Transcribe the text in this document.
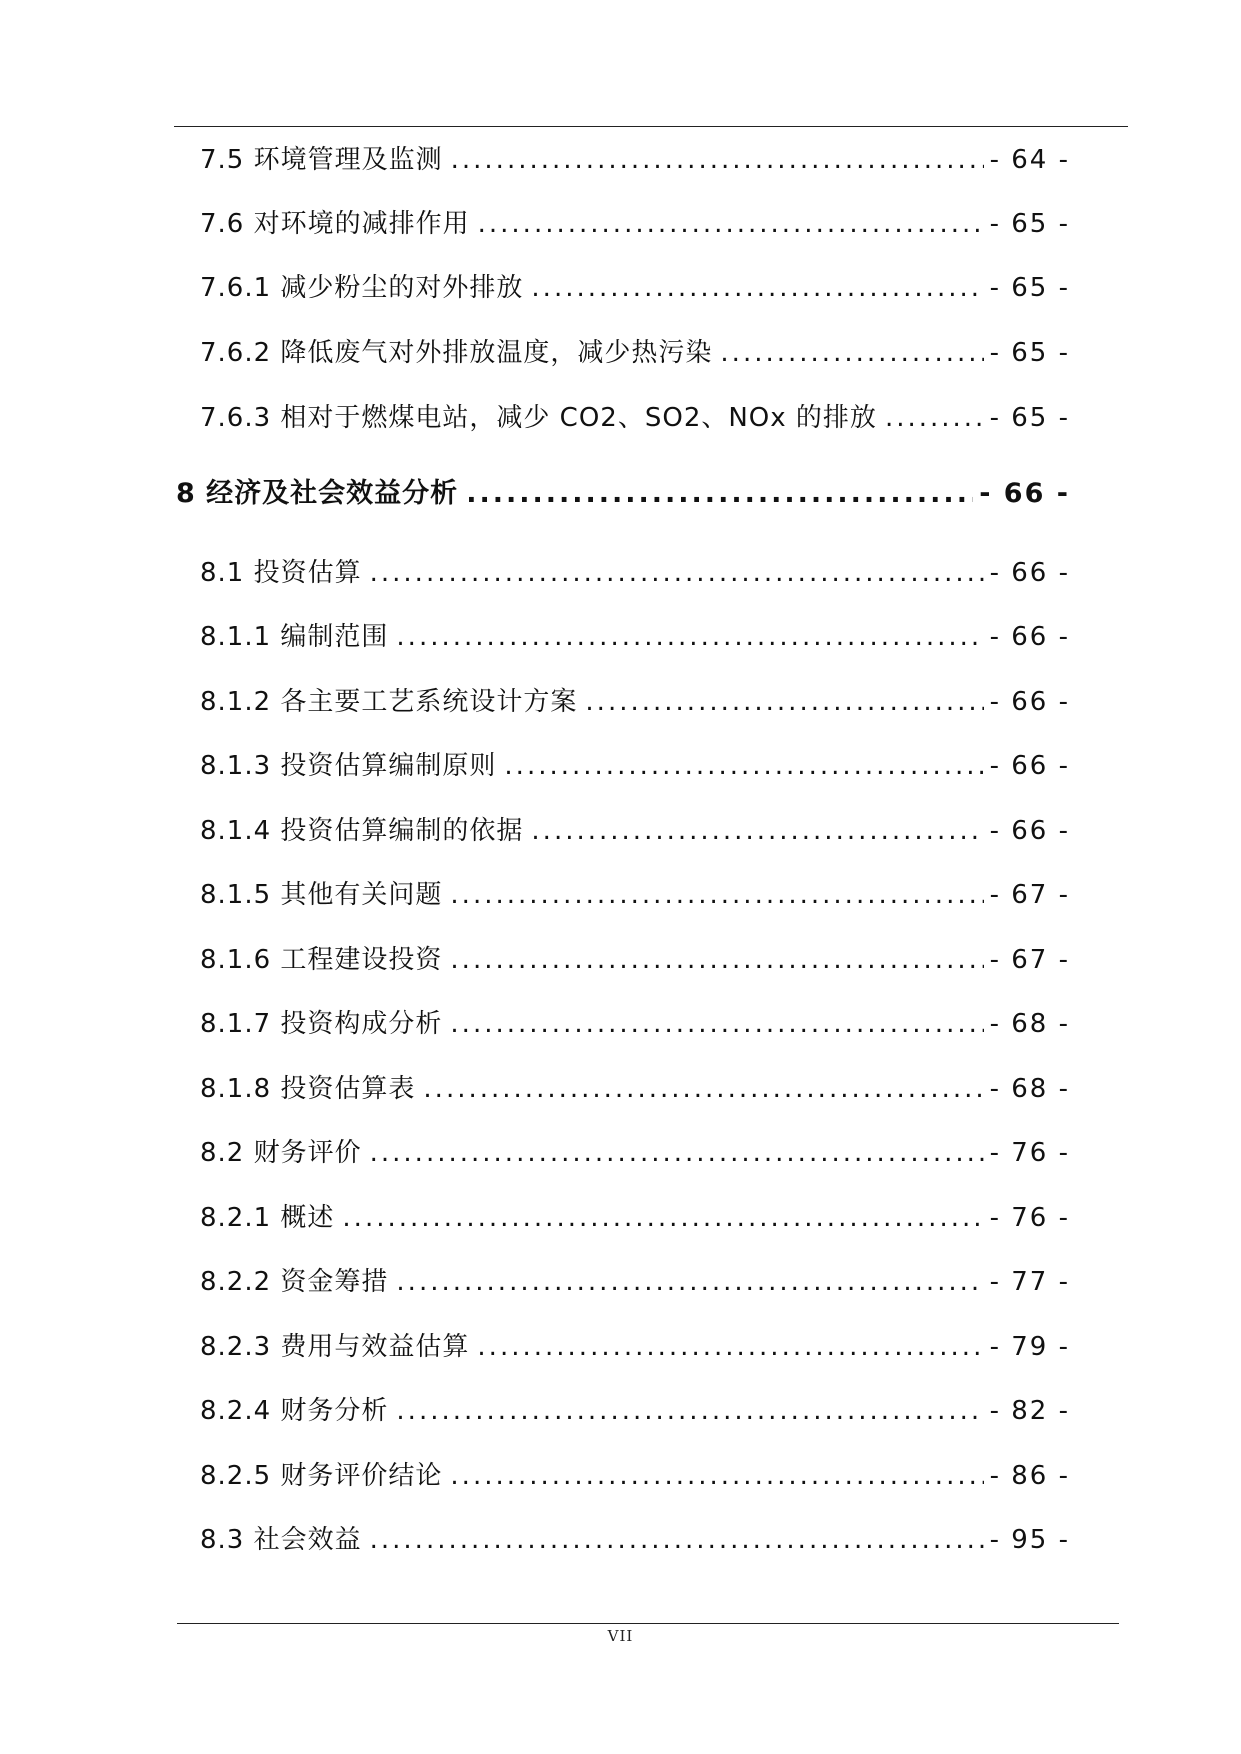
7.5 环境管理及监测 .....	- 64 -
7.6 对环境的减排作用 .....	- 65 -
7.6.1 减少粉尘的对外排放 .....	- 65 -
7.6.2 降低废气对外排放温度，减少热污染 .....	- 65 -
7.6.3 相对于燃煤电站，减少 CO2、SO2、NOx 的排放 .....	- 65 -
8 经济及社会效益分析 .....	- 66 -
8.1 投资估算 .....	- 66 -
8.1.1 编制范围 .....	- 66 -
8.1.2 各主要工艺系统设计方案 .....	- 66 -
8.1.3 投资估算编制原则 .....	- 66 -
8.1.4 投资估算编制的依据 .....	- 66 -
8.1.5 其他有关问题 .....	- 67 -
8.1.6 工程建设投资 .....	- 67 -
8.1.7 投资构成分析 .....	- 68 -
8.1.8 投资估算表 .....	- 68 -
8.2 财务评价 .....	- 76 -
8.2.1 概述 .....	- 76 -
8.2.2 资金筹措 .....	- 77 -
8.2.3 费用与效益估算 .....	- 79 -
8.2.4 财务分析 .....	- 82 -
8.2.5 财务评价结论 .....	- 86 -
8.3 社会效益 .....	- 95 -
VII
